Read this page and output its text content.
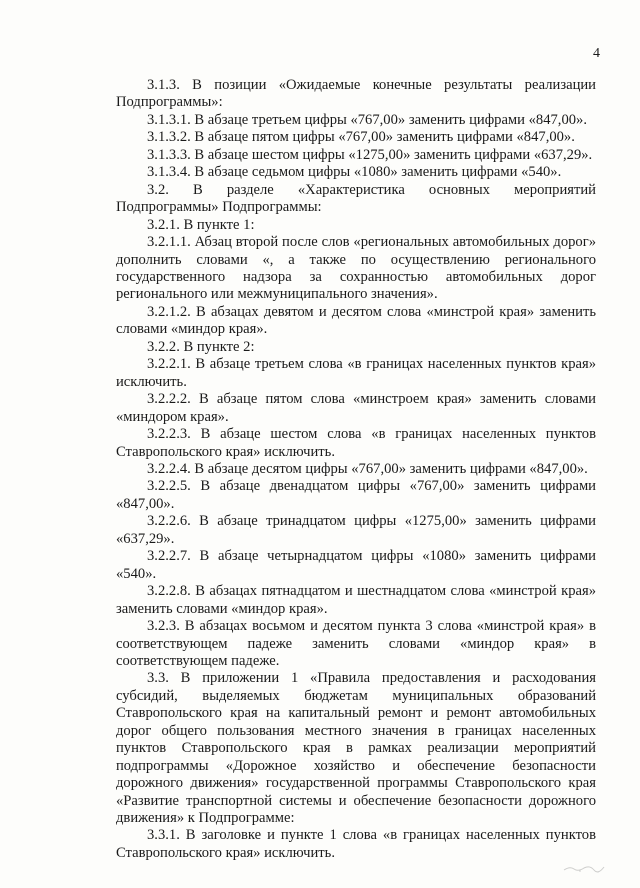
4

3.1.3. В позиции «Ожидаемые конечные результаты реализации Подпрограммы»:

3.1.3.1. В абзаце третьем цифры «767,00» заменить цифрами «847,00».

3.1.3.2. В абзаце пятом цифры «767,00» заменить цифрами «847,00».

3.1.3.3. В абзаце шестом цифры «1275,00» заменить цифрами «637,29».

3.1.3.4. В абзаце седьмом цифры «1080» заменить цифрами «540».

3.2. В разделе «Характеристика основных мероприятий Подпрограммы» Подпрограммы:

3.2.1. В пункте 1:

3.2.1.1. Абзац второй после слов «региональных автомобильных дорог» дополнить словами «, а также по осуществлению регионального государственного надзора за сохранностью автомобильных дорог регионального или межмуниципального значения».

3.2.1.2. В абзацах девятом и десятом слова «минстрой края» заменить словами «миндор края».

3.2.2. В пункте 2:

3.2.2.1. В абзаце третьем слова «в границах населенных пунктов края» исключить.

3.2.2.2. В абзаце пятом слова «минстроем края» заменить словами «миндором края».

3.2.2.3. В абзаце шестом слова «в границах населенных пунктов Ставропольского края» исключить.

3.2.2.4. В абзаце десятом цифры «767,00» заменить цифрами «847,00».

3.2.2.5. В абзаце двенадцатом цифры «767,00» заменить цифрами «847,00».

3.2.2.6. В абзаце тринадцатом цифры «1275,00» заменить цифрами «637,29».

3.2.2.7. В абзаце четырнадцатом цифры «1080» заменить цифрами «540».

3.2.2.8. В абзацах пятнадцатом и шестнадцатом слова «минстрой края» заменить словами «миндор края».

3.2.3. В абзацах восьмом и десятом пункта 3 слова «минстрой края» в соответствующем падеже заменить словами «миндор края» в соответствующем падеже.

3.3. В приложении 1 «Правила предоставления и расходования субсидий, выделяемых бюджетам муниципальных образований Ставропольского края на капитальный ремонт и ремонт автомобильных дорог общего пользования местного значения в границах населенных пунктов Ставропольского края в рамках реализации мероприятий подпрограммы «Дорожное хозяйство и обеспечение безопасности дорожного движения» государственной программы Ставропольского края «Развитие транспортной системы и обеспечение безопасности дорожного движения» к Подпрограмме:

3.3.1. В заголовке и пункте 1 слова «в границах населенных пунктов Ставропольского края» исключить.
